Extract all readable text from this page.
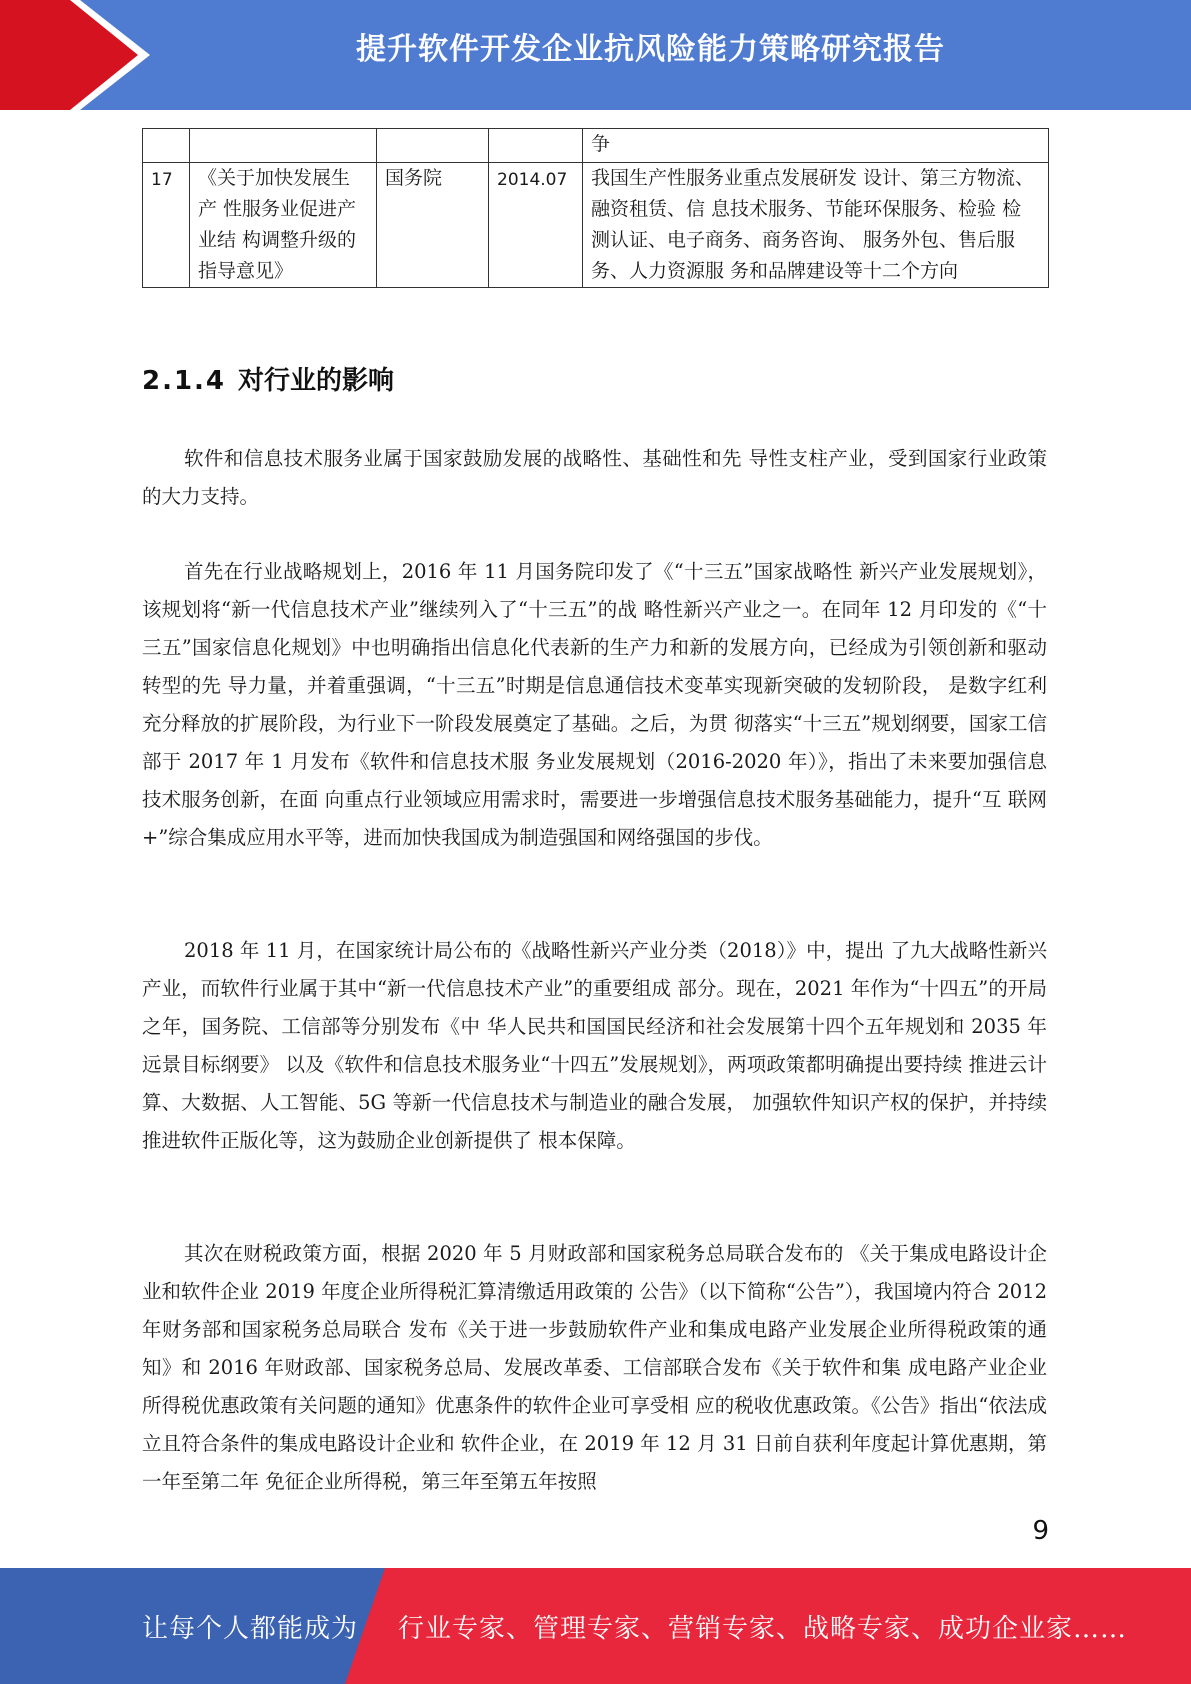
提升软件开发企业抗风险能力策略研究报告
				争
17	《关于加快发展生产 性服务业促进产业结 构调整升级的指导意见》	国务院	2014.07	我国生产性服务业重点发展研发 设计、第三方物流、融资租赁、信 息技术服务、节能环保服务、检验 检测认证、电子商务、商务咨询、 服务外包、售后服务、人力资源服 务和品牌建设等十二个方向
2.1.4 对行业的影响

软件和信息技术服务业属于国家鼓励发展的战略性、基础性和先 导性支柱产业，受到国家行业政策的大力支持。

首先在行业战略规划上，2016 年 11 月国务院印发了《“十三五”国家战略性 新兴产业发展规划》，该规划将“新一代信息技术产业”继续列入了“十三五”的战 略性新兴产业之一。在同年 12 月印发的《“十三五”国家信息化规划》中也明确指出信息化代表新的生产力和新的发展方向，已经成为引领创新和驱动转型的先 导力量，并着重强调，“十三五”时期是信息通信技术变革实现新突破的发轫阶段， 是数字红利充分释放的扩展阶段，为行业下一阶段发展奠定了基础。之后，为贯 彻落实“十三五”规划纲要，国家工信部于 2017 年 1 月发布《软件和信息技术服 务业发展规划（2016-2020 年）》，指出了未来要加强信息技术服务创新，在面 向重点行业领域应用需求时，需要进一步增强信息技术服务基础能力，提升“互 联网+”综合集成应用水平等，进而加快我国成为制造强国和网络强国的步伐。

2018 年 11 月，在国家统计局公布的《战略性新兴产业分类（2018）》中，提出 了九大战略性新兴产业，而软件行业属于其中“新一代信息技术产业”的重要组成 部分。现在，2021 年作为“十四五”的开局之年，国务院、工信部等分别发布《中 华人民共和国国民经济和社会发展第十四个五年规划和 2035 年远景目标纲要》 以及《软件和信息技术服务业“十四五”发展规划》，两项政策都明确提出要持续 推进云计算、大数据、人工智能、5G 等新一代信息技术与制造业的融合发展， 加强软件知识产权的保护，并持续推进软件正版化等，这为鼓励企业创新提供了 根本保障。

其次在财税政策方面，根据 2020 年 5 月财政部和国家税务总局联合发布的 《关于集成电路设计企业和软件企业 2019 年度企业所得税汇算清缴适用政策的 公告》（以下简称“公告”），我国境内符合 2012 年财务部和国家税务总局联合 发布《关于进一步鼓励软件产业和集成电路产业发展企业所得税政策的通知》和 2016 年财政部、国家税务总局、发展改革委、工信部联合发布《关于软件和集 成电路产业企业所得税优惠政策有关问题的通知》优惠条件的软件企业可享受相 应的税收优惠政策。《公告》指出“依法成立且符合条件的集成电路设计企业和 软件企业，在 2019 年 12 月 31 日前自获利年度起计算优惠期，第一年至第二年 免征企业所得税，第三年至第五年按照

9
让每个人都能成为 行业专家、管理专家、营销专家、战略专家、成功企业家……
